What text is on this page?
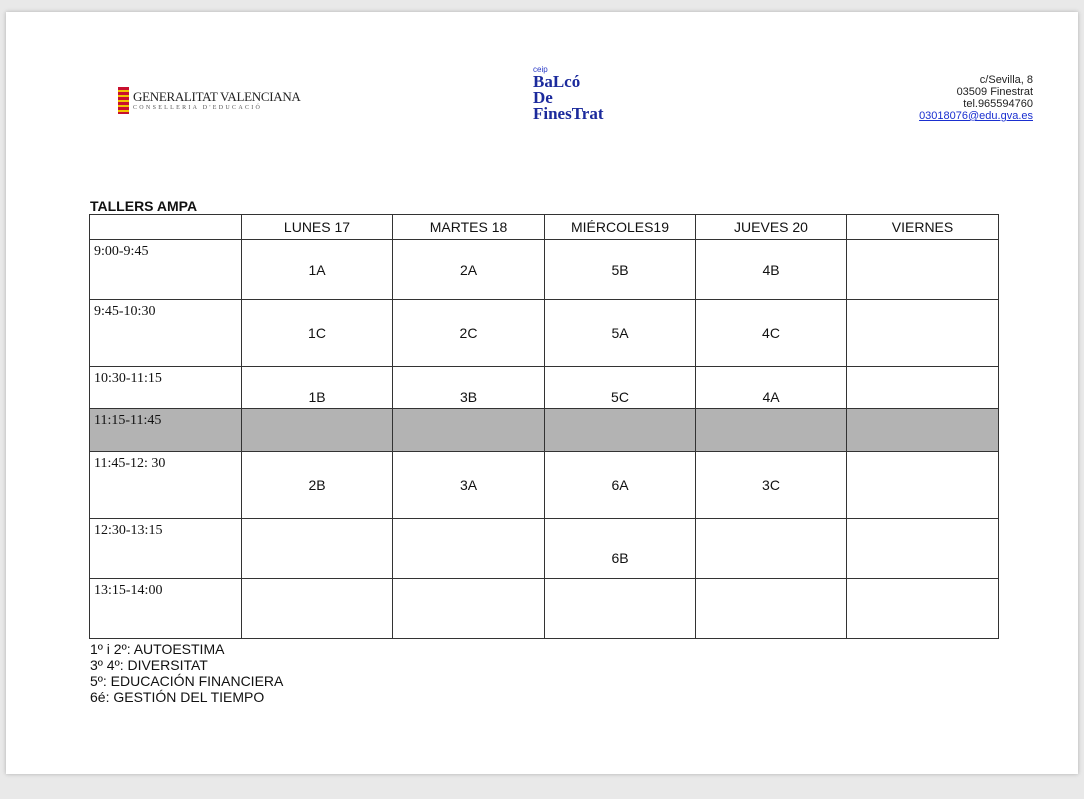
GENERALITAT VALENCIANA
CONSELLERIA D'EDUCACIÓ
ceip
BaLcó
De
FinesTrat
c/Sevilla, 8
03509 Finestrat
tel.965594760
03018076@edu.gva.es
TALLERS AMPA
	LUNES 17	MARTES 18	MIÉRCOLES19	JUEVES 20	VIERNES
9:00-9:45	1A	2A	5B	4B	
9:45-10:30	1C	2C	5A	4C	
10:30-11:15	1B	3B	5C	4A	
11:15-11:45					
11:45-12: 30	2B	3A	6A	3C	
12:30-13:15			6B		
13:15-14:00					
1º i 2º: AUTOESTIMA
3º 4º: DIVERSITAT
5º: EDUCACIÓN FINANCIERA
6é: GESTIÓN DEL TIEMPO
